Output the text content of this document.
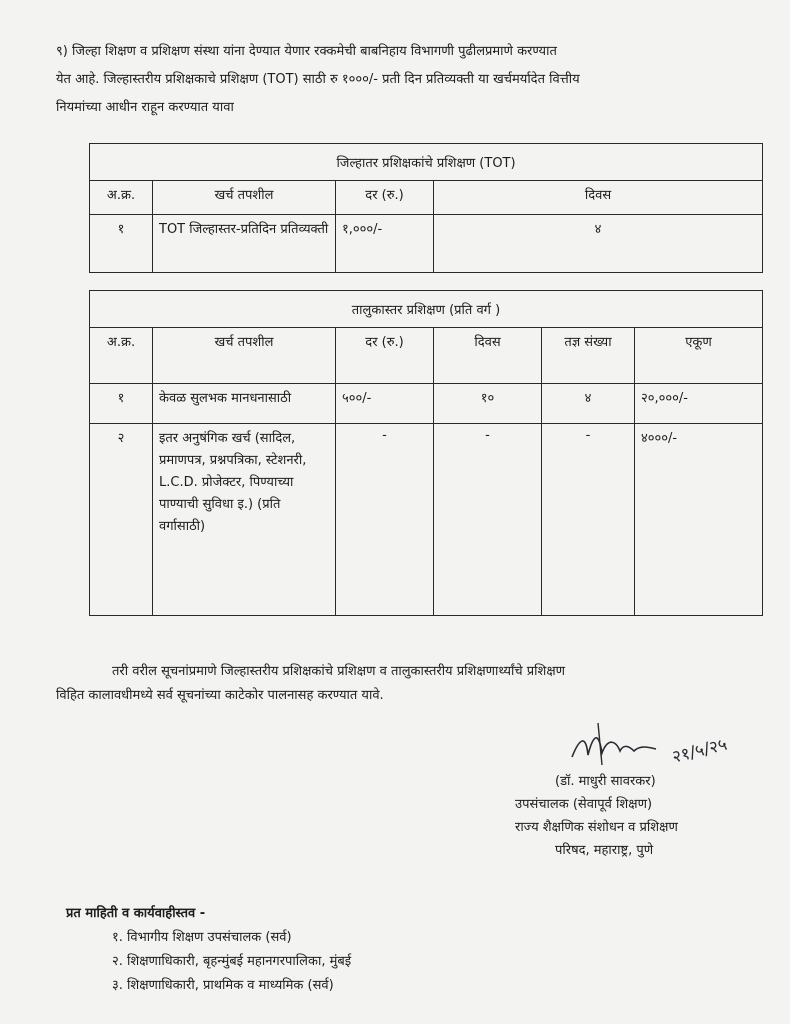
९) जिल्हा शिक्षण व प्रशिक्षण संस्था यांना देण्यात येणार रक्कमेची बाबनिहाय विभागणी पुढीलप्रमाणे करण्यात
येत आहे. जिल्हास्तरीय प्रशिक्षकाचे प्रशिक्षण (TOT) साठी रु १०००/- प्रती दिन प्रतिव्यक्ती या खर्चमर्यादेत वित्तीय
नियमांच्या आधीन राहून करण्यात यावा
जिल्हातर प्रशिक्षकांचे प्रशिक्षण (TOT)			
अ.क्र.	खर्च तपशील	दर (रु.)	दिवस
१	TOT जिल्हास्तर-प्रतिदिन प्रतिव्यक्ती	१,०००/-	४
तालुकास्तर प्रशिक्षण (प्रति वर्ग )					
अ.क्र.	खर्च तपशील	दर (रु.)	दिवस	तज्ञ संख्या	एकूण
१	केवळ सुलभक मानधनासाठी	५००/-	१०	४	२०,०००/-
२	इतर अनुषंगिक खर्च (सादिल, प्रमाणपत्र, प्रश्नपत्रिका, स्टेशनरी, L.C.D. प्रोजेक्टर, पिण्याच्या पाण्याची सुविधा इ.) (प्रति वर्गासाठी)	-	-	-	४०००/-
तरी वरील सूचनांप्रमाणे जिल्हास्तरीय प्रशिक्षकांचे प्रशिक्षण व तालुकास्तरीय प्रशिक्षणार्थ्यांचे प्रशिक्षण
विहित कालावधीमध्ये सर्व सूचनांच्या काटेकोर पालनासह करण्यात यावे.
२१/५/२५
(डॉ. माधुरी सावरकर)
उपसंचालक (सेवापूर्व शिक्षण)
राज्य शैक्षणिक संशोधन व प्रशिक्षण
परिषद, महाराष्ट्र, पुणे
प्रत माहिती व कार्यवाहीस्तव -
१. विभागीय शिक्षण उपसंचालक (सर्व)
२. शिक्षणाधिकारी, बृहन्मुंबई महानगरपालिका, मुंबई
३. शिक्षणाधिकारी, प्राथमिक व माध्यमिक (सर्व)
